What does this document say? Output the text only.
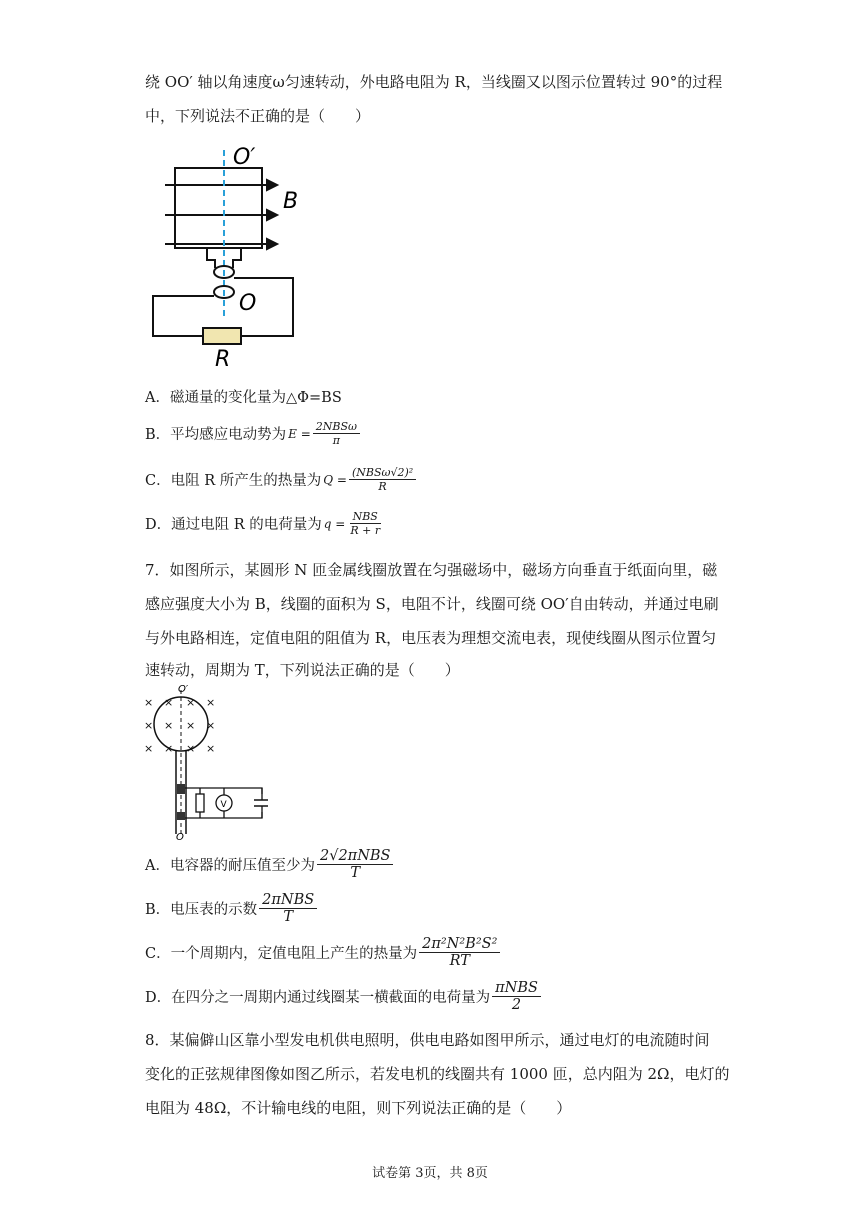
绕 OO′ 轴以角速度ω匀速转动，外电路电阻为 R，当线圈又以图示位置转过 90°的过程
中，下列说法不正确的是（　　）
O′
B
O
R
A．磁通量的变化量为△Φ=BS
B．平均感应电动势为 $E = \frac{\text{2NBSω}}{\pi}$
C．电阻 R 所产生的热量为 $Q = \frac{\text{(NBSω√2)²}}{R}$
D．通过电阻 R 的电荷量为 $q = \frac{\text{NBS}}{R + r}$
7．如图所示，某圆形 N 匝金属线圈放置在匀强磁场中，磁场方向垂直于纸面向里，磁
感应强度大小为 B，线圈的面积为 S，电阻不计，线圈可绕 OO′自由转动，并通过电刷
与外电路相连，定值电阻的阻值为 R，电压表为理想交流电表，现使线圈从图示位置匀
速转动，周期为 T，下列说法正确的是（　　）
× × × ×
× × × ×
× × × ×
V
O′
O
A．电容器的耐压值至少为 $\frac{\text{2√2πNBS}}{T}$
B．电压表的示数 $\frac{\text{2πNBS}}{T}$
C．一个周期内，定值电阻上产生的热量为 $\frac{\text{2π²N²B²S²}}{RT}$
D．在四分之一周期内通过线圈某一横截面的电荷量为 $\frac{\text{πNBS}}{2}$
8．某偏僻山区靠小型发电机供电照明，供电电路如图甲所示，通过电灯的电流随时间
变化的正弦规律图像如图乙所示，若发电机的线圈共有 1000 匝，总内阻为 2Ω，电灯的
电阻为 48Ω，不计输电线的电阻，则下列说法正确的是（　　）
试卷第 3页，共 8页
